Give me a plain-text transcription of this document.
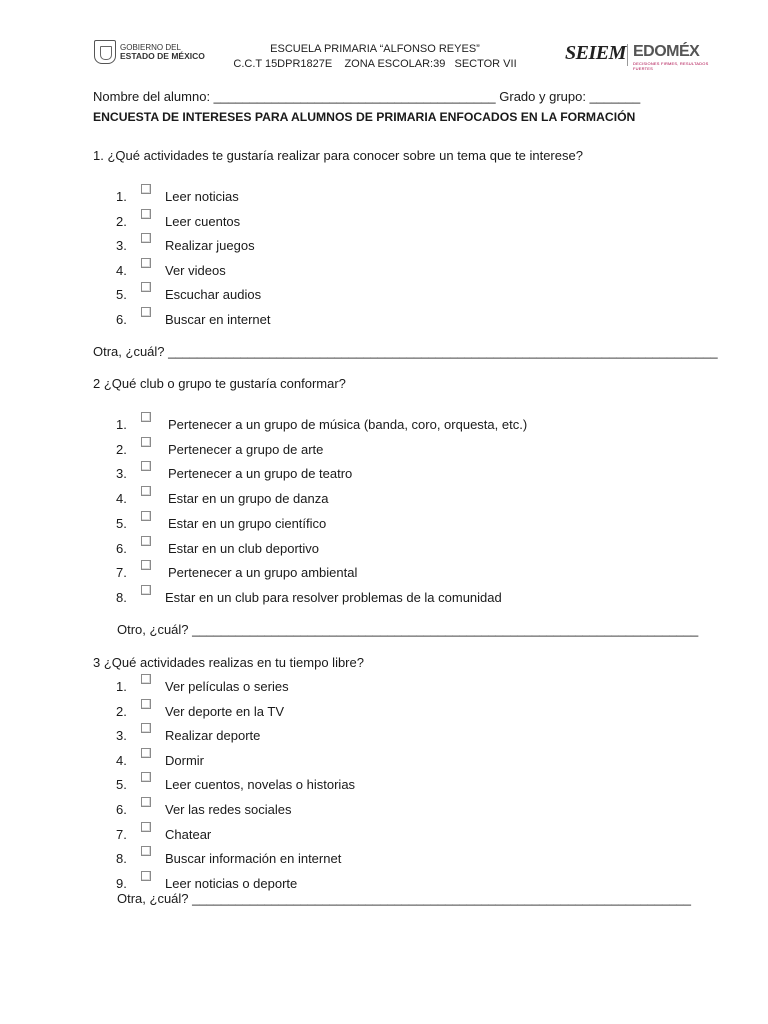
GOBIERNO DEL
ESTADO DE MÉXICO
ESCUELA PRIMARIA “ALFONSO REYES”
C.C.T 15DPR1827E    ZONA ESCOLAR:39   SECTOR VII SEIEM EDOMÉX
DECISIONES FIRMES, RESULTADOS FUERTES
Nombre del alumno: _______________________________________ Grado y grupo: _______
ENCUESTA DE INTERESES PARA ALUMNOS DE PRIMARIA ENFOCADOS EN LA FORMACIÓN
1. ¿Qué actividades te gustaría realizar para conocer sobre un tema que te interese?
1.	Leer noticias
2.	Leer cuentos
3.	Realizar juegos
4.	Ver videos
5.	Escuchar audios
6.	Buscar en internet
Otra, ¿cuál? ____________________________________________________________________________
2 ¿Qué club o grupo te gustaría conformar?
1.	Pertenecer a un grupo de música (banda, coro, orquesta, etc.)
2.	Pertenecer a grupo de arte
3.	Pertenecer a un grupo de teatro
4.	Estar en un grupo de danza
5.	Estar en un grupo científico
6.	Estar en un club deportivo
7.	Pertenecer a un grupo ambiental
8.	Estar en un club para resolver problemas de la comunidad
Otro, ¿cuál? ______________________________________________________________________
3 ¿Qué actividades realizas en tu tiempo libre?
1.	Ver películas o series
2.	Ver deporte en la TV
3.	Realizar deporte
4.	Dormir
5.	Leer cuentos, novelas o historias
6.	Ver las redes sociales
7.	Chatear
8.	Buscar información en internet
9.	Leer noticias o deporte
Otra, ¿cuál? _____________________________________________________________________
